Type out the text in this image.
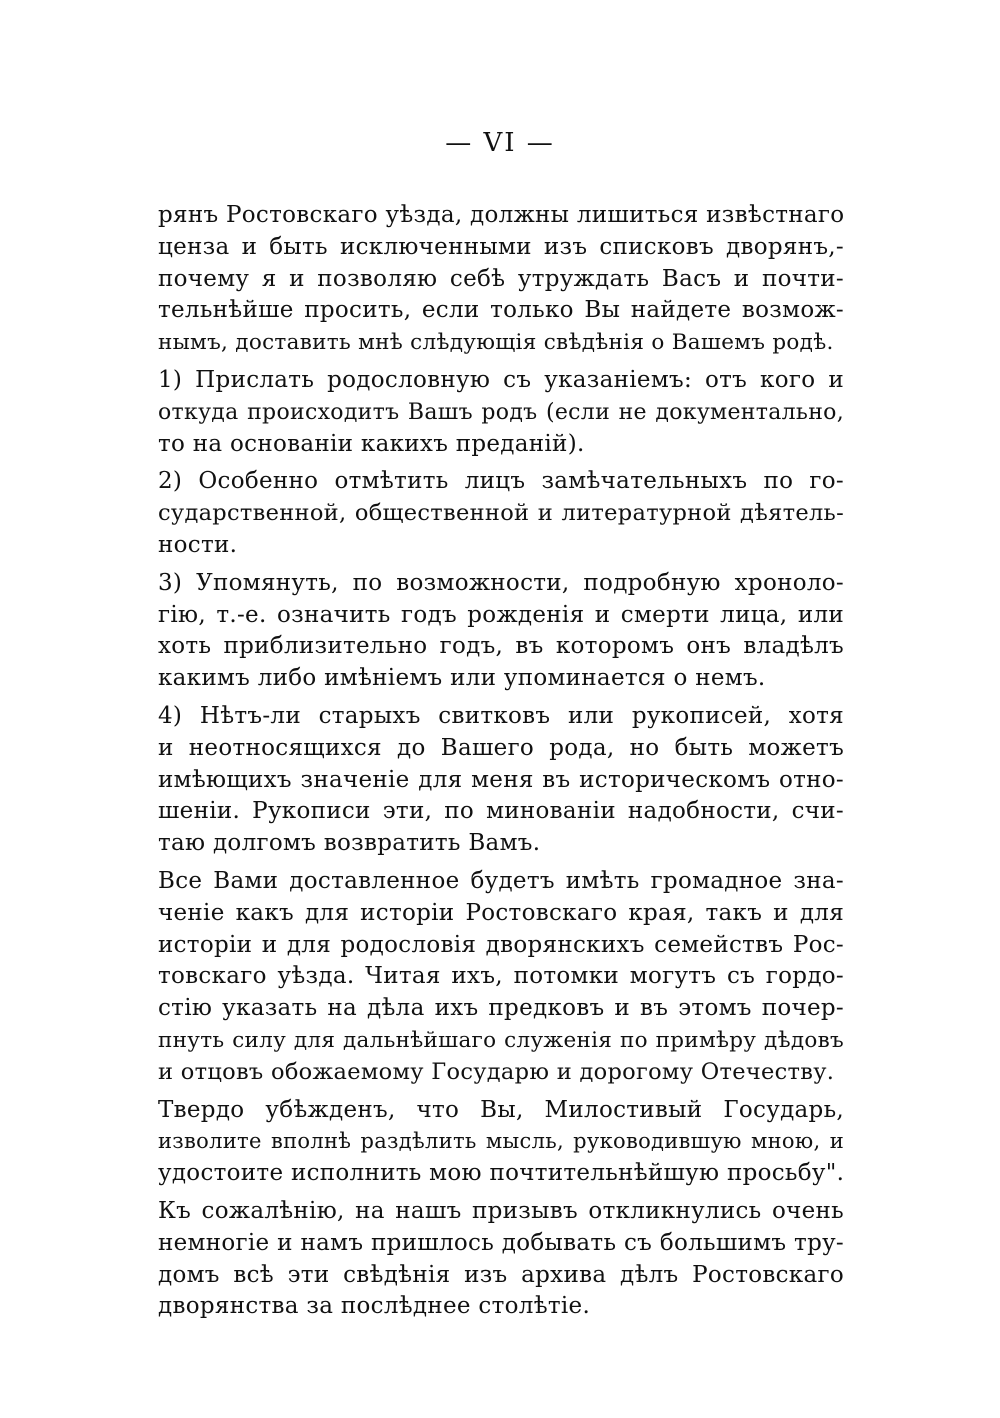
— VI —
рянъ Ростовскаго уѣзда, должны лишиться извѣстнаго
ценза и быть исключенными изъ списковъ дворянъ,-
почему я и позволяю себѣ утруждать Васъ и почти-
тельнѣйше просить, если только Вы найдете возмож-
нымъ, доставить мнѣ слѣдующія свѣдѣнія о Вашемъ родѣ.
1) Прислать родословную съ указаніемъ: отъ кого и
откуда происходитъ Вашъ родъ (если не документально,
то на основаніи какихъ преданій).
2) Особенно отмѣтить лицъ замѣчательныхъ по го-
сударственной, общественной и литературной дѣятель-
ности.
3) Упомянуть, по возможности, подробную хроноло-
гію, т.-е. означить годъ рожденія и смерти лица, или
хоть приблизительно годъ, въ которомъ онъ владѣлъ
какимъ либо имѣніемъ или упоминается о немъ.
4) Нѣтъ-ли старыхъ свитковъ или рукописей, хотя
и неотносящихся до Вашего рода, но быть можетъ
имѣющихъ значеніе для меня въ историческомъ отно-
шеніи. Рукописи эти, по минованіи надобности, счи-
таю долгомъ возвратить Вамъ.
Все Вами доставленное будетъ имѣть громадное зна-
ченіе какъ для исторіи Ростовскаго края, такъ и для
исторіи и для родословія дворянскихъ семействъ Рос-
товскаго уѣзда. Читая ихъ, потомки могутъ съ гордо-
стію указать на дѣла ихъ предковъ и въ этомъ почер-
пнуть силу для дальнѣйшаго служенія по примѣру дѣдовъ
и отцовъ обожаемому Государю и дорогому Отечеству.
Твердо убѣжденъ, что Вы, Милостивый Государь,
изволите вполнѣ раздѣлить мысль, руководившую мною, и
удостоите исполнить мою почтительнѣйшую просьбу".
Къ сожалѣнію, на нашъ призывъ откликнулись очень
немногіе и намъ пришлось добывать съ большимъ тру-
домъ всѣ эти свѣдѣнія изъ архива дѣлъ Ростовскаго
дворянства за послѣднее столѣтіе.
